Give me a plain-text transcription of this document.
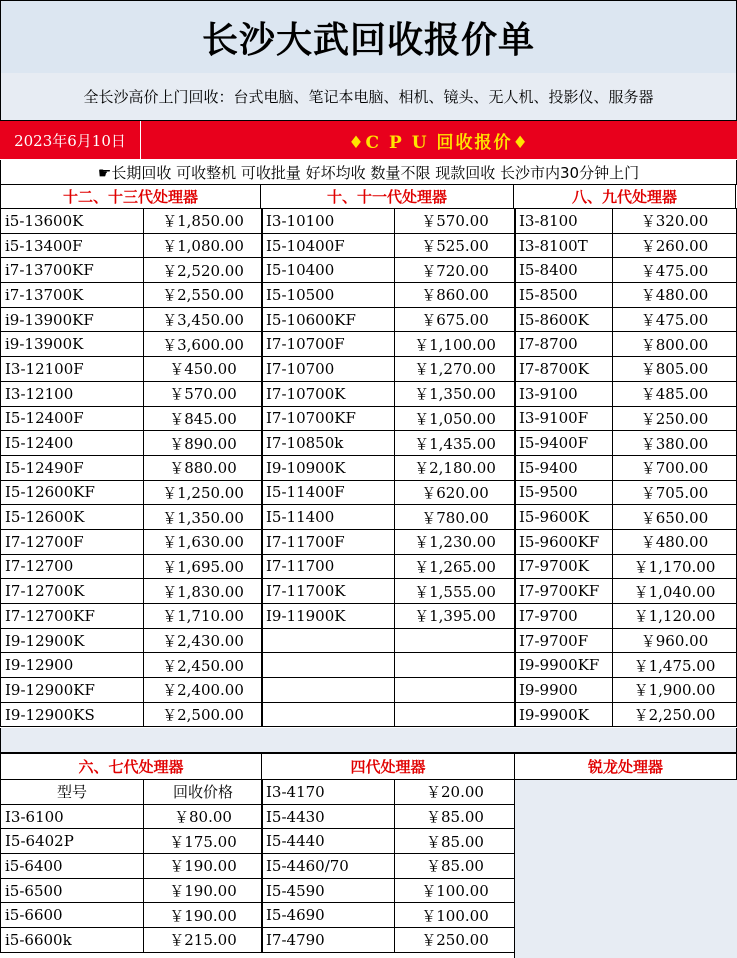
长沙大武回收报价单
全长沙高价上门回收：台式电脑、笔记本电脑、相机、镜头、无人机、投影仪、服务器
2023年6月10日	♦C P U 回收报价♦
☛长期回收 可收整机 可收批量 好坏均收 数量不限 现款回收 长沙市内30分钟上门
十二、十三代处理器	十、十一代处理器	八、九代处理器
i5-13600K	￥1,850.00
i5-13400F	￥1,080.00
i7-13700KF	￥2,520.00
i7-13700K	￥2,550.00
i9-13900KF	￥3,450.00
i9-13900K	￥3,600.00
I3-12100F	￥450.00
I3-12100	￥570.00
I5-12400F	￥845.00
I5-12400	￥890.00
I5-12490F	￥880.00
I5-12600KF	￥1,250.00
I5-12600K	￥1,350.00
I7-12700F	￥1,630.00
I7-12700	￥1,695.00
I7-12700K	￥1,830.00
I7-12700KF	￥1,710.00
I9-12900K	￥2,430.00
I9-12900	￥2,450.00
I9-12900KF	￥2,400.00
I9-12900KS	￥2,500.00
I3-10100	￥570.00
I5-10400F	￥525.00
I5-10400	￥720.00
I5-10500	￥860.00
I5-10600KF	￥675.00
I7-10700F	￥1,100.00
I7-10700	￥1,270.00
I7-10700K	￥1,350.00
I7-10700KF	￥1,050.00
I7-10850k	￥1,435.00
I9-10900K	￥2,180.00
I5-11400F	￥620.00
I5-11400	￥780.00
I7-11700F	￥1,230.00
I7-11700	￥1,265.00
I7-11700K	￥1,555.00
I9-11900K	￥1,395.00

I3-8100	￥320.00
I3-8100T	￥260.00
I5-8400	￥475.00
I5-8500	￥480.00
I5-8600K	￥475.00
I7-8700	￥800.00
I7-8700K	￥805.00
I3-9100	￥485.00
I3-9100F	￥250.00
I5-9400F	￥380.00
I5-9400	￥700.00
I5-9500	￥705.00
I5-9600K	￥650.00
I5-9600KF	￥480.00
I7-9700K	￥1,170.00
I7-9700KF	￥1,040.00
I7-9700	￥1,120.00
I7-9700F	￥960.00
I9-9900KF	￥1,475.00
I9-9900	￥1,900.00
I9-9900K	￥2,250.00
六、七代处理器	四代处理器	锐龙处理器
型号	回收价格
I3-6100	￥80.00
I5-6402P	￥175.00
i5-6400	￥190.00
i5-6500	￥190.00
i5-6600	￥190.00
i5-6600k	￥215.00
I3-4170	￥20.00
I5-4430	￥85.00
I5-4440	￥85.00
I5-4460/70	￥85.00
I5-4590	￥100.00
I5-4690	￥100.00
I7-4790	￥250.00
